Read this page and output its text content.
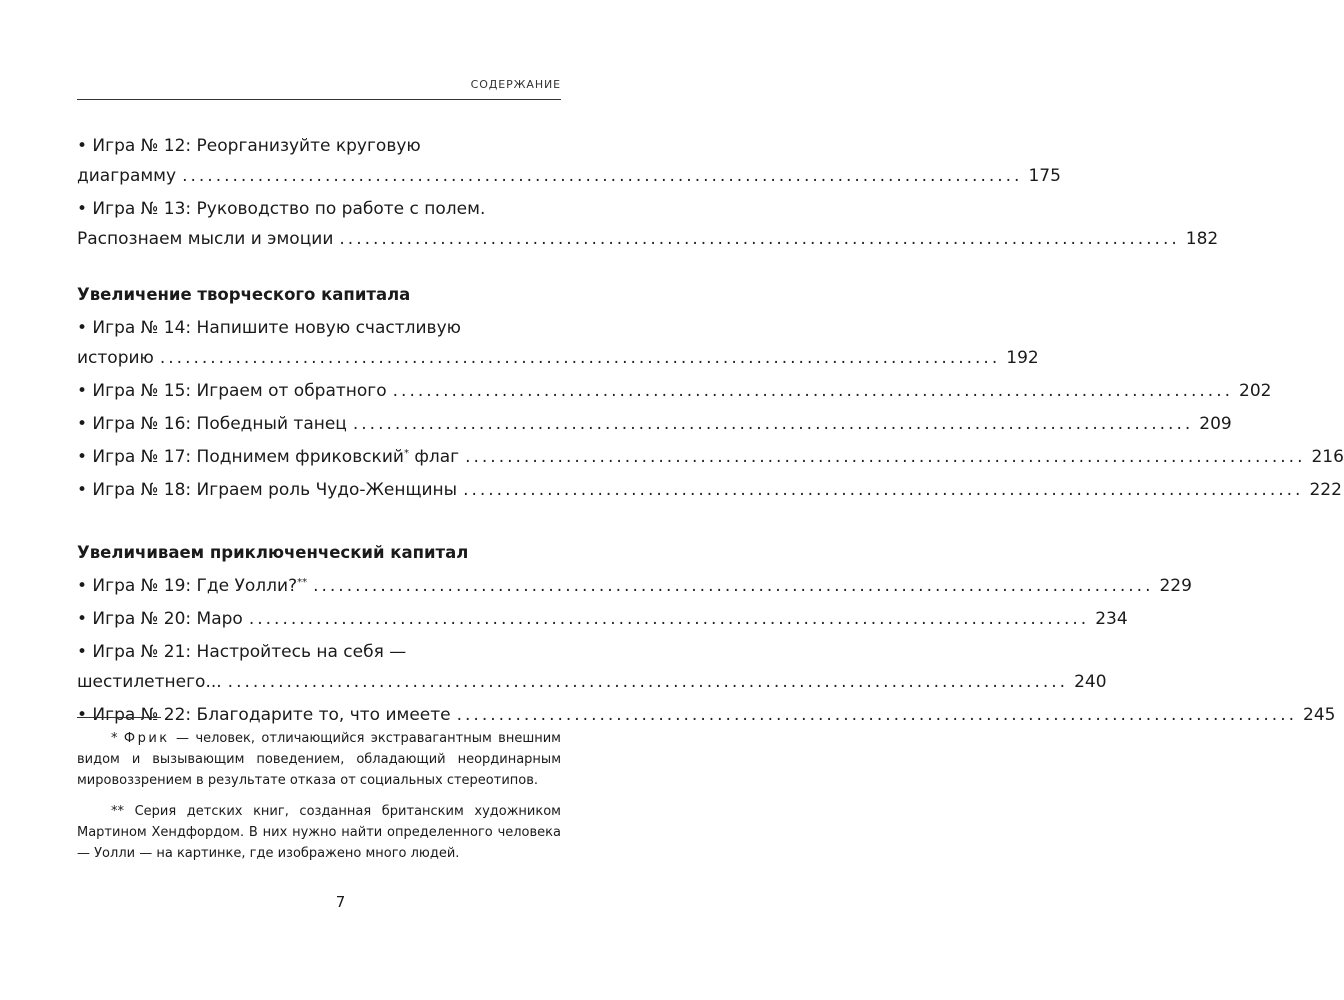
СОДЕРЖАНИЕ
• Игра № 12: Реорганизуйте круговую
диаграмму .................................................................................................... 175
• Игра № 13: Руководство по работе с полем.
Распознаем мысли и эмоции .................................................................................................... 182
Увеличение творческого капитала
• Игра № 14: Напишите новую счастливую
историю .................................................................................................... 192
• Игра № 15: Играем от обратного .................................................................................................... 202
• Игра № 16: Победный танец .................................................................................................... 209
• Игра № 17: Поднимем фриковский* флаг .................................................................................................... 216
• Игра № 18: Играем роль Чудо-Женщины .................................................................................................... 222
Увеличиваем приключенческий капитал
• Игра № 19: Где Уолли?** .................................................................................................... 229
• Игра № 20: Маро .................................................................................................... 234
• Игра № 21: Настройтесь на себя —
шестилетнего... .................................................................................................... 240
• Игра № 22: Благодарите то, что имеете .................................................................................................... 245

* Фрик — человек, отличающийся экстравагантным внешним видом и вызывающим поведением, обладающий неординарным мировоззрением в результате отказа от социальных стереотипов.

** Серия детских книг, созданная британским художником Мартином Хендфордом. В них нужно найти определенного человека — Уолли — на картинке, где изображено много людей.

7
